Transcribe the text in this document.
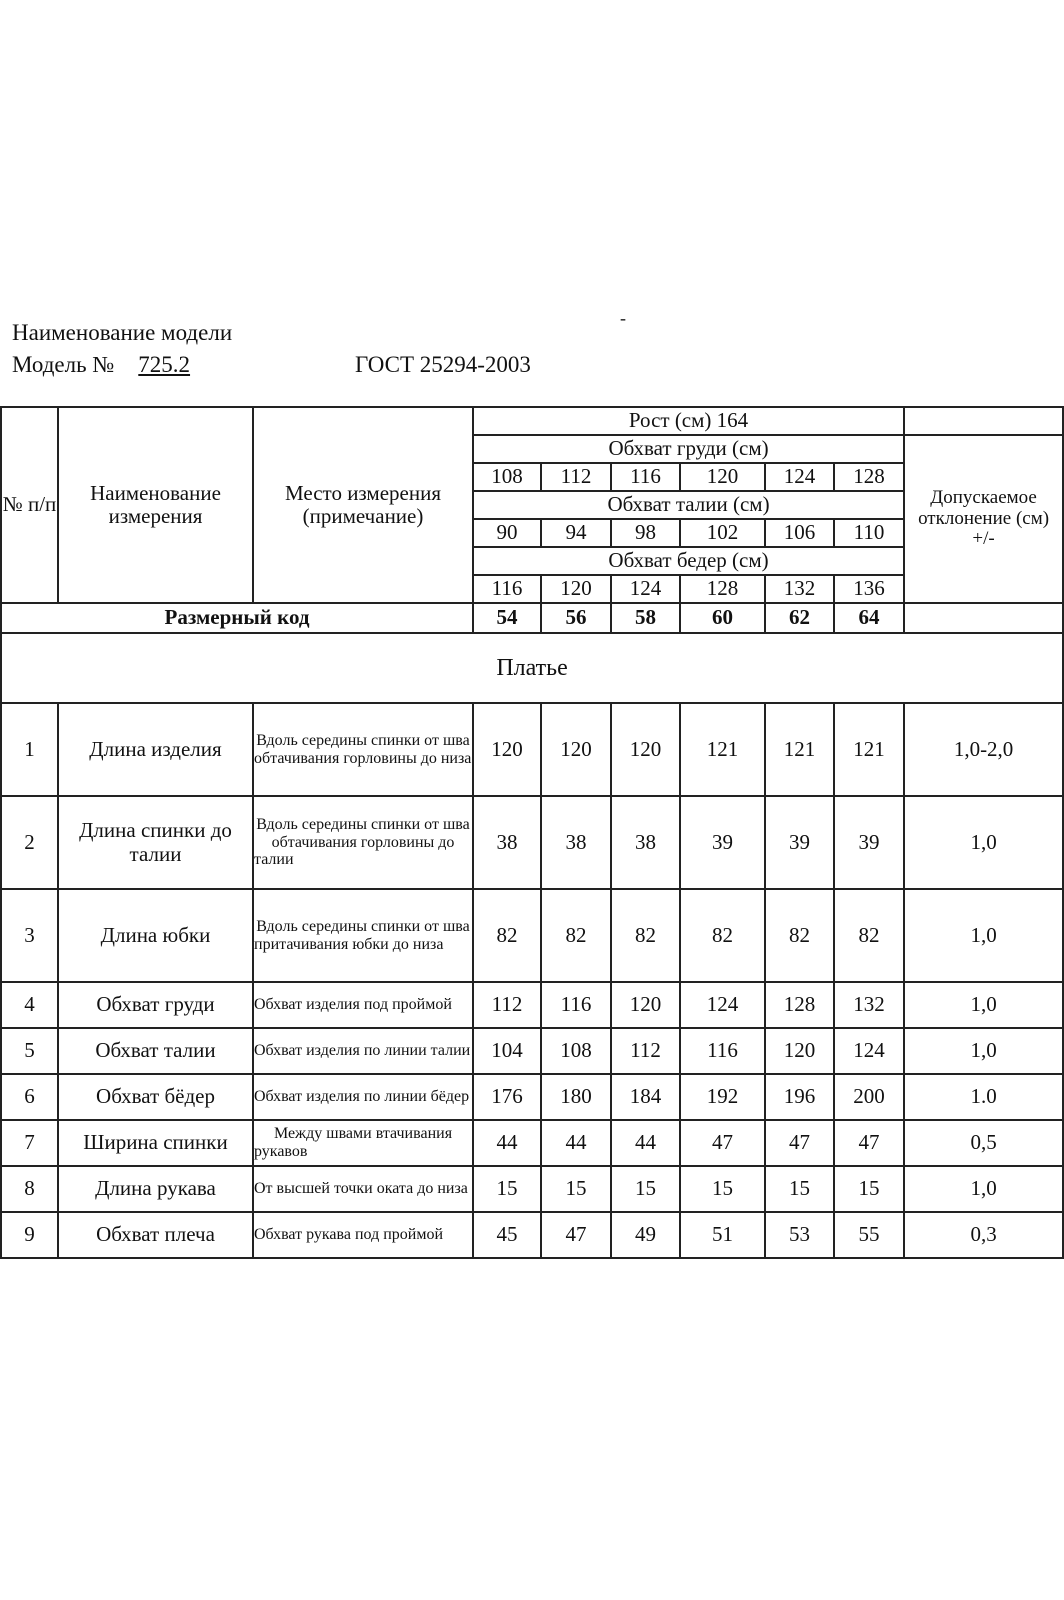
Наименование модели
Модель № 725.2	ГОСТ 25294-2003
-
№ п/п	Наименование измерения	Место измерения (примечание)	Рост (см) 164						
			Обхват груди (см)						Допускаемое отклонение (см) +/-
			108	112	116	120	124	128	
			Обхват талии (см)						
			90	94	98	102	106	110	
			Обхват бедер (см)						
			116	120	124	128	132	136	
Размерный код			54	56	58	60	62	64	
Платье									
1	Длина изделия	Вдоль середины спинки от шва обтачивания горловины до низа	120	120	120	121	121	121	1,0-2,0
2	Длина спинки до талии	Вдоль середины спинки от шва обтачивания горловины до талии	38	38	38	39	39	39	1,0
3	Длина юбки	Вдоль середины спинки от шва притачивания юбки до низа	82	82	82	82	82	82	1,0
4	Обхват груди	Обхват изделия под проймой	112	116	120	124	128	132	1,0
5	Обхват талии	Обхват изделия по линии талии	104	108	112	116	120	124	1,0
6	Обхват бёдер	Обхват изделия по линии бёдер	176	180	184	192	196	200	1.0
7	Ширина спинки	Между швами втачивания рукавов	44	44	44	47	47	47	0,5
8	Длина рукава	От высшей точки оката до низа	15	15	15	15	15	15	1,0
9	Обхват плеча	Обхват рукава под проймой	45	47	49	51	53	55	0,3
